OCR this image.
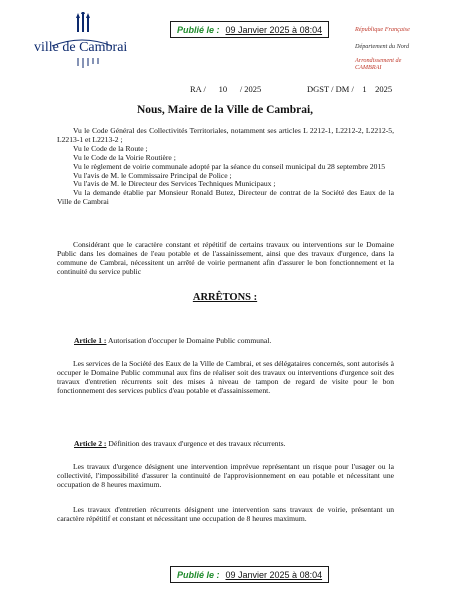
Publié le : 09 Janvier 2025 à 08:04
ville de Cambrai
République Française
Département du Nord
Arrondissement de CAMBRAI
RA /      10      / 2025	DGST / DM /    1    2025
Nous, Maire de la Ville de Cambrai,
Vu le Code Général des Collectivités Territoriales, notamment ses articles L 2212-1, L2212-2, L2212-5, L2213-1 et L2213-2 ;
Vu le Code de la Route ;
Vu le Code de la Voirie Routière ;
Vu le règlement de voirie communale adopté par la séance du conseil municipal du 28 septembre 2015
Vu l'avis de M. le Commissaire Principal de Police ;
Vu l'avis de M. le Directeur des Services Techniques Municipaux ;
Vu la demande établie par Monsieur Ronald Butez, Directeur de contrat de la Société des Eaux de la Ville de Cambrai
Considérant que le caractère constant et répétitif de certains travaux ou interventions sur le Domaine Public dans les domaines de l'eau potable et de l'assainissement, ainsi que des travaux d'urgence, dans la commune de Cambrai, nécessitent un arrêté de voirie permanent afin d'assurer le bon fonctionnement et la continuité du service public
ARRÊTONS :
Article 1 : Autorisation d'occuper le Domaine Public communal.
Les services de la Société des Eaux de la Ville de Cambrai, et ses délégataires concernés, sont autorisés à occuper le Domaine Public communal aux fins de réaliser soit des travaux ou interventions d'urgence soit des travaux d'entretien récurrents soit des mises à niveau de tampon de regard de visite pour le bon fonctionnement des services publics d'eau potable et d'assainissement.
Article 2 : Définition des travaux d'urgence et des travaux récurrents.
Les travaux d'urgence désignent une intervention imprévue représentant un risque pour l'usager ou la collectivité, l'impossibilité d'assurer la continuité de l'approvisionnement en eau potable et nécessitant une occupation de 8 heures maximum.
Les travaux d'entretien récurrents désignent une intervention sans travaux de voirie, présentant un caractère répétitif et constant et nécessitant une occupation de 8 heures maximum.
Publié le : 09 Janvier 2025 à 08:04
